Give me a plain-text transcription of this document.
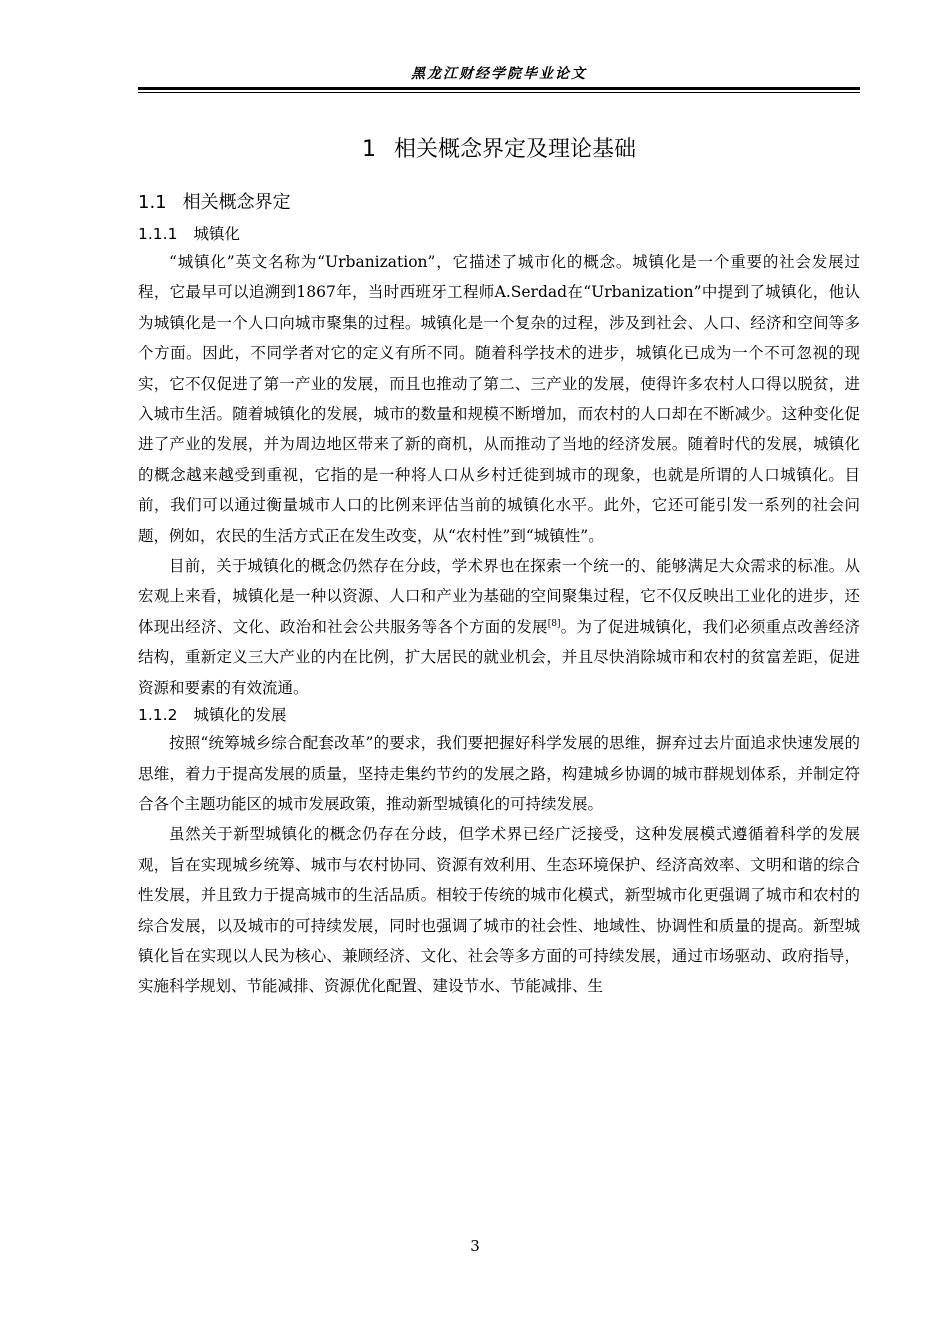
黑龙江财经学院毕业论文
1 相关概念界定及理论基础
1.1 相关概念界定
1.1.1 城镇化

“城镇化”英文名称为“Urbanization”，它描述了城市化的概念。城镇化是一个重要的社会发展过程，它最早可以追溯到1867年，当时西班牙工程师A.Serdad在“Urbanization”中提到了城镇化，他认为城镇化是一个人口向城市聚集的过程。城镇化是一个复杂的过程，涉及到社会、人口、经济和空间等多个方面。因此，不同学者对它的定义有所不同。随着科学技术的进步，城镇化已成为一个不可忽视的现实，它不仅促进了第一产业的发展，而且也推动了第二、三产业的发展，使得许多农村人口得以脱贫，进入城市生活。随着城镇化的发展，城市的数量和规模不断增加，而农村的人口却在不断减少。这种变化促进了产业的发展，并为周边地区带来了新的商机，从而推动了当地的经济发展。随着时代的发展，城镇化的概念越来越受到重视，它指的是一种将人口从乡村迁徙到城市的现象，也就是所谓的人口城镇化。目前，我们可以通过衡量城市人口的比例来评估当前的城镇化水平。此外，它还可能引发一系列的社会问题，例如，农民的生活方式正在发生改变，从“农村性”到“城镇性”。

目前，关于城镇化的概念仍然存在分歧，学术界也在探索一个统一的、能够满足大众需求的标准。从宏观上来看，城镇化是一种以资源、人口和产业为基础的空间聚集过程，它不仅反映出工业化的进步，还体现出经济、文化、政治和社会公共服务等各个方面的发展[8]。为了促进城镇化，我们必须重点改善经济结构，重新定义三大产业的内在比例，扩大居民的就业机会，并且尽快消除城市和农村的贫富差距，促进资源和要素的有效流通。

1.1.2 城镇化的发展

按照“统筹城乡综合配套改革”的要求，我们要把握好科学发展的思维，摒弃过去片面追求快速发展的思维，着力于提高发展的质量，坚持走集约节约的发展之路，构建城乡协调的城市群规划体系，并制定符合各个主题功能区的城市发展政策，推动新型城镇化的可持续发展。

虽然关于新型城镇化的概念仍存在分歧，但学术界已经广泛接受，这种发展模式遵循着科学的发展观，旨在实现城乡统筹、城市与农村协同、资源有效利用、生态环境保护、经济高效率、文明和谐的综合性发展，并且致力于提高城市的生活品质。相较于传统的城市化模式，新型城市化更强调了城市和农村的综合发展，以及城市的可持续发展，同时也强调了城市的社会性、地域性、协调性和质量的提高。新型城镇化旨在实现以人民为核心、兼顾经济、文化、社会等多方面的可持续发展，通过市场驱动、政府指导，实施科学规划、节能减排、资源优化配置、建设节水、节能减排、生

3
